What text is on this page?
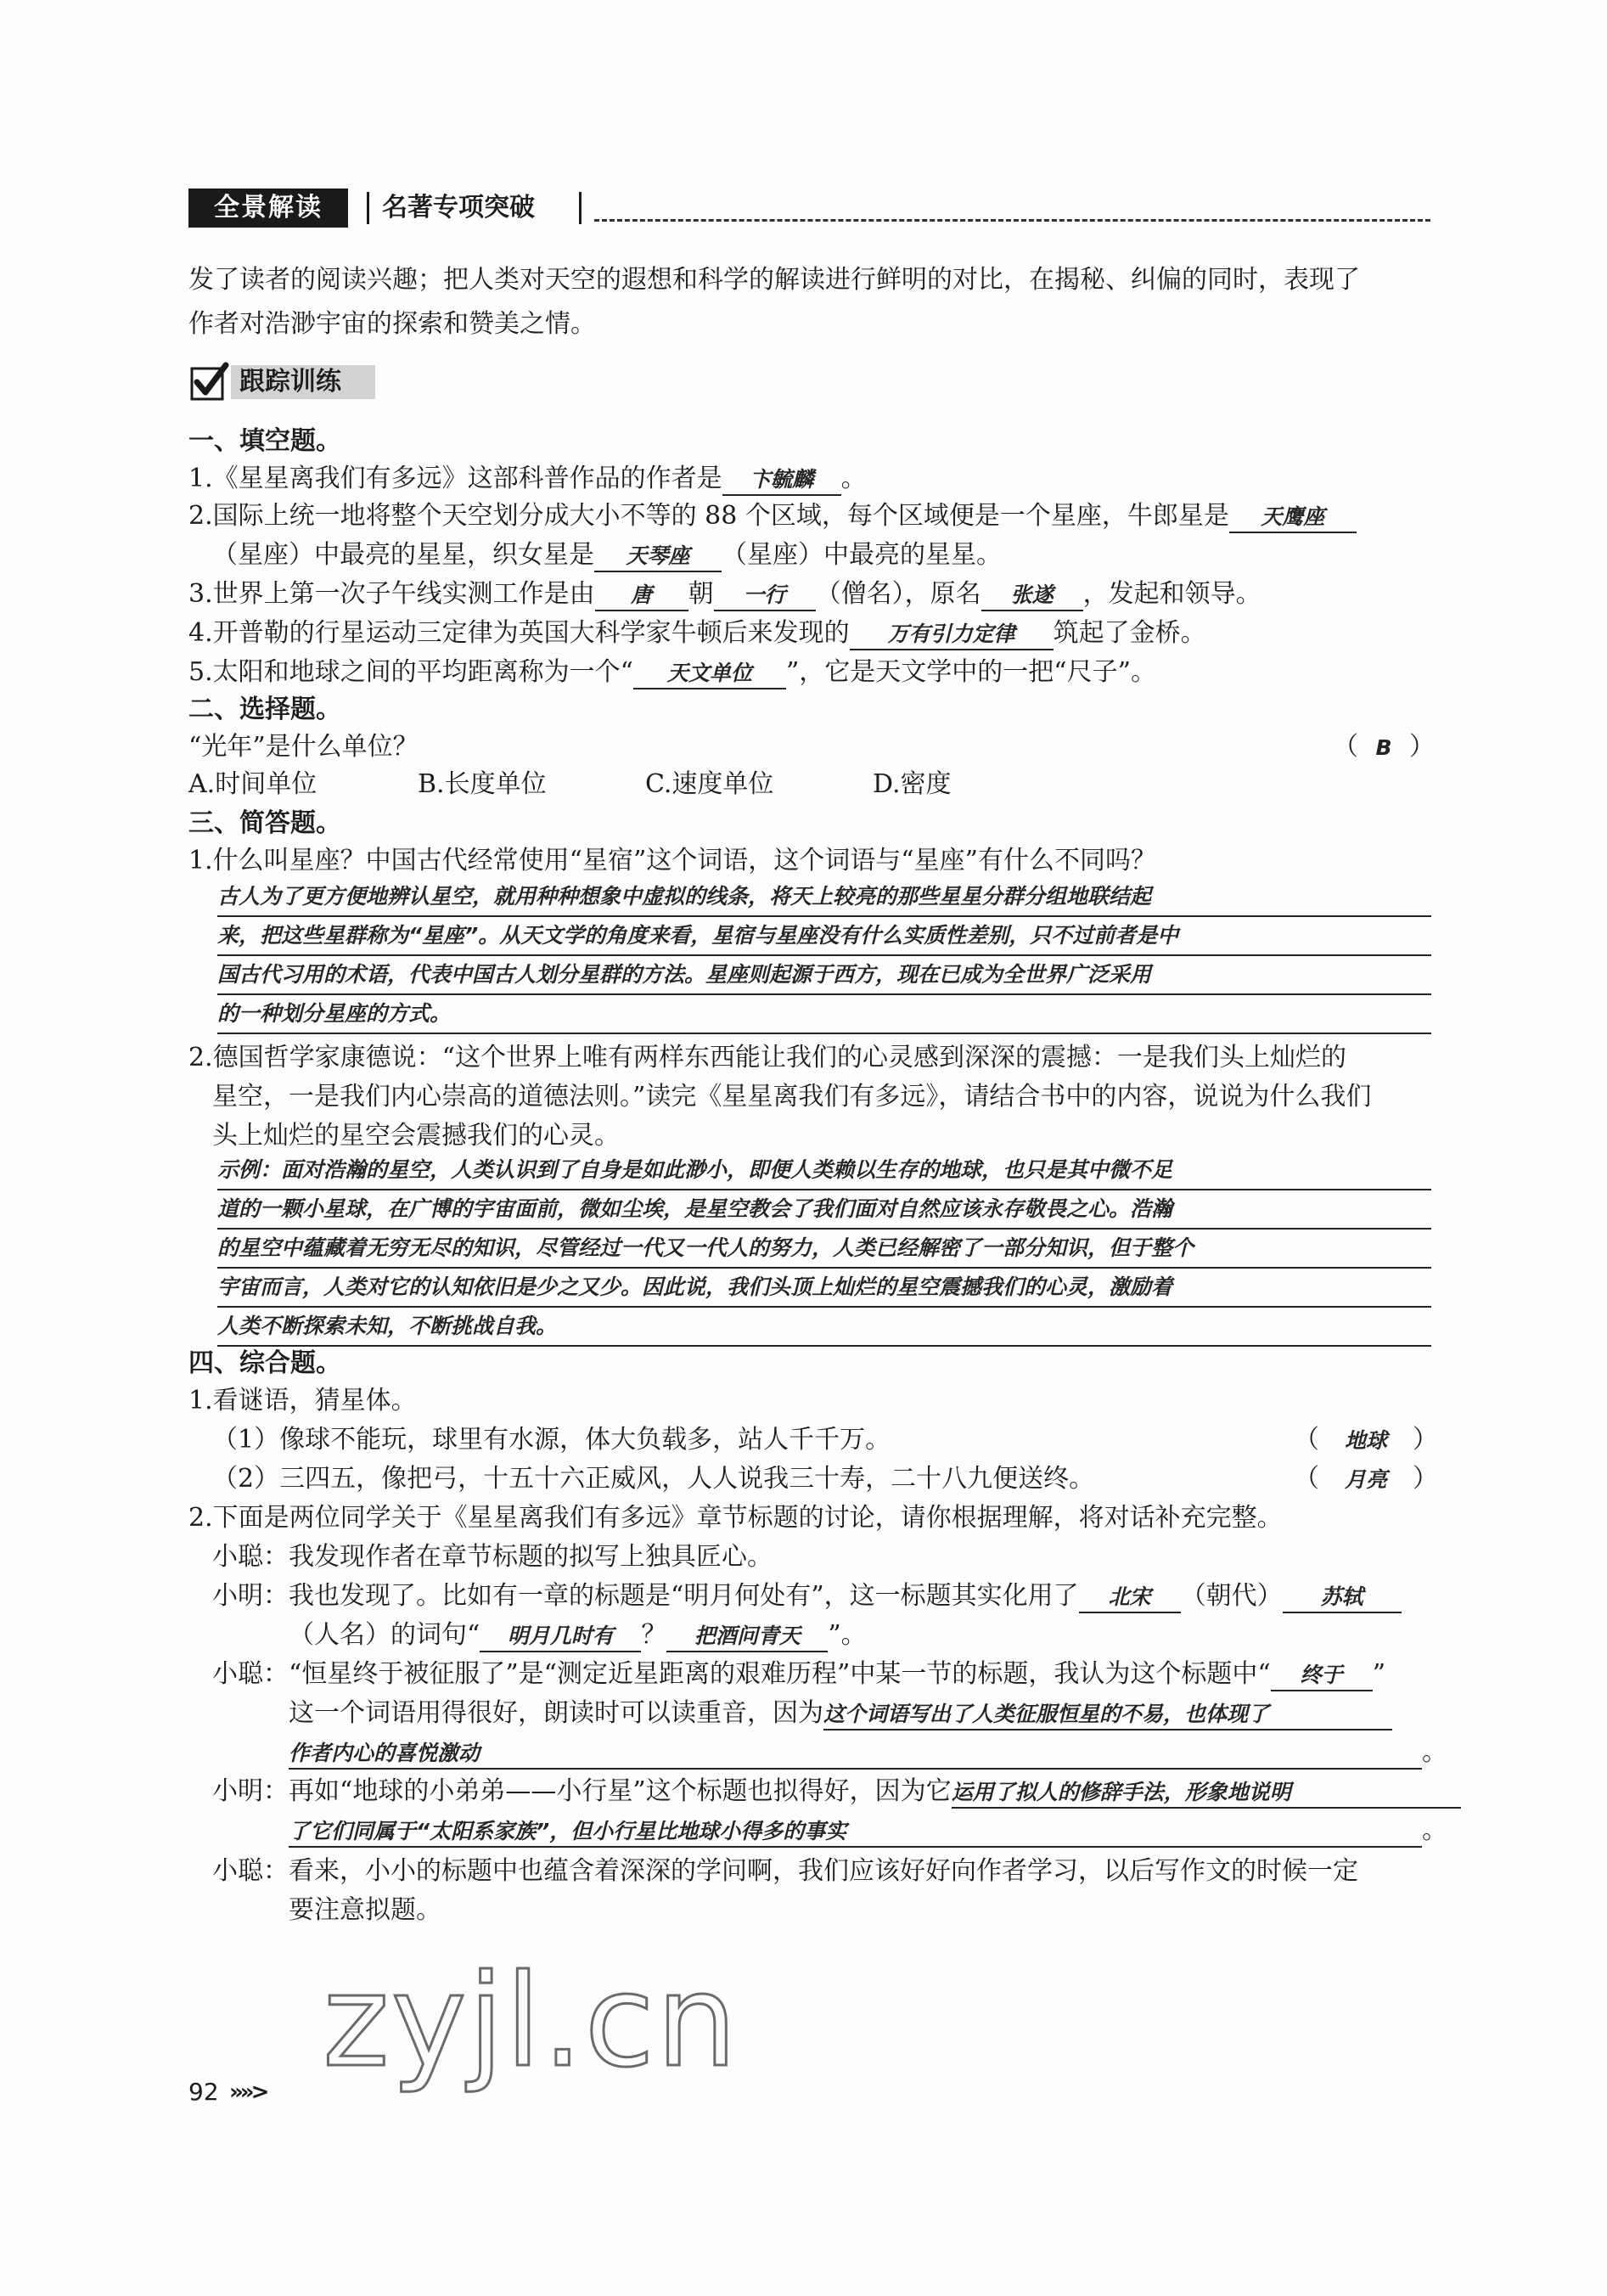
全景解读	名著专项突破
发了读者的阅读兴趣；把人类对天空的遐想和科学的解读进行鲜明的对比，在揭秘、纠偏的同时，表现了
作者对浩渺宇宙的探索和赞美之情。
跟踪训练
一、填空题。
1.《星星离我们有多远》这部科普作品的作者是 卞毓麟 。
2.国际上统一地将整个天空划分成大小不等的 88 个区域，每个区域便是一个星座，牛郎星是 天鹰座
（星座）中最亮的星星，织女星是 天琴座 （星座）中最亮的星星。
3.世界上第一次子午线实测工作是由 唐 朝 一行 （僧名），原名 张遂 ，发起和领导。
4.开普勒的行星运动三定律为英国大科学家牛顿后来发现的 万有引力定律 筑起了金桥。
5.太阳和地球之间的平均距离称为一个“ 天文单位 ”，它是天文学中的一把“尺子”。
二、选择题。
“光年”是什么单位？	（ B ）
A.时间单位	B.长度单位	C.速度单位	D.密度
三、简答题。
1.什么叫星座？中国古代经常使用“星宿”这个词语，这个词语与“星座”有什么不同吗？
古人为了更方便地辨认星空，就用种种想象中虚拟的线条，将天上较亮的那些星星分群分组地联结起
来，把这些星群称为“星座”。从天文学的角度来看，星宿与星座没有什么实质性差别，只不过前者是中
国古代习用的术语，代表中国古人划分星群的方法。星座则起源于西方，现在已成为全世界广泛采用
的一种划分星座的方式。
2.德国哲学家康德说：“这个世界上唯有两样东西能让我们的心灵感到深深的震撼：一是我们头上灿烂的
星空，一是我们内心崇高的道德法则。”读完《星星离我们有多远》，请结合书中的内容，说说为什么我们
头上灿烂的星空会震撼我们的心灵。
示例：面对浩瀚的星空，人类认识到了自身是如此渺小，即便人类赖以生存的地球，也只是其中微不足
道的一颗小星球，在广博的宇宙面前，微如尘埃，是星空教会了我们面对自然应该永存敬畏之心。浩瀚
的星空中蕴藏着无穷无尽的知识，尽管经过一代又一代人的努力，人类已经解密了一部分知识，但于整个
宇宙而言，人类对它的认知依旧是少之又少。因此说，我们头顶上灿烂的星空震撼我们的心灵，激励着
人类不断探索未知，不断挑战自我。
四、综合题。
1.看谜语，猜星体。
（1）像球不能玩，球里有水源，体大负载多，站人千千万。	（ 地球 ）
（2）三四五，像把弓，十五十六正威风，人人说我三十寿，二十八九便送终。	（ 月亮 ）
2.下面是两位同学关于《星星离我们有多远》章节标题的讨论，请你根据理解，将对话补充完整。
小聪：我发现作者在章节标题的拟写上独具匠心。
小明：我也发现了。比如有一章的标题是“明月何处有”，这一标题其实化用了 北宋 （朝代） 苏轼
（人名）的词句“ 明月几时有 ？ 把酒问青天 ”。
小聪：“恒星终于被征服了”是“测定近星距离的艰难历程”中某一节的标题，我认为这个标题中“ 终于 ”
这一个词语用得很好，朗读时可以读重音，因为这个词语写出了人类征服恒星的不易，也体现了
作者内心的喜悦激动	。
小明：再如“地球的小弟弟——小行星”这个标题也拟得好，因为它运用了拟人的修辞手法，形象地说明
了它们同属于“太阳系家族”，但小行星比地球小得多的事实	。
小聪：看来，小小的标题中也蕴含着深深的学问啊，我们应该好好向作者学习，以后写作文的时候一定
要注意拟题。
zyjl.cn
92 »»>
